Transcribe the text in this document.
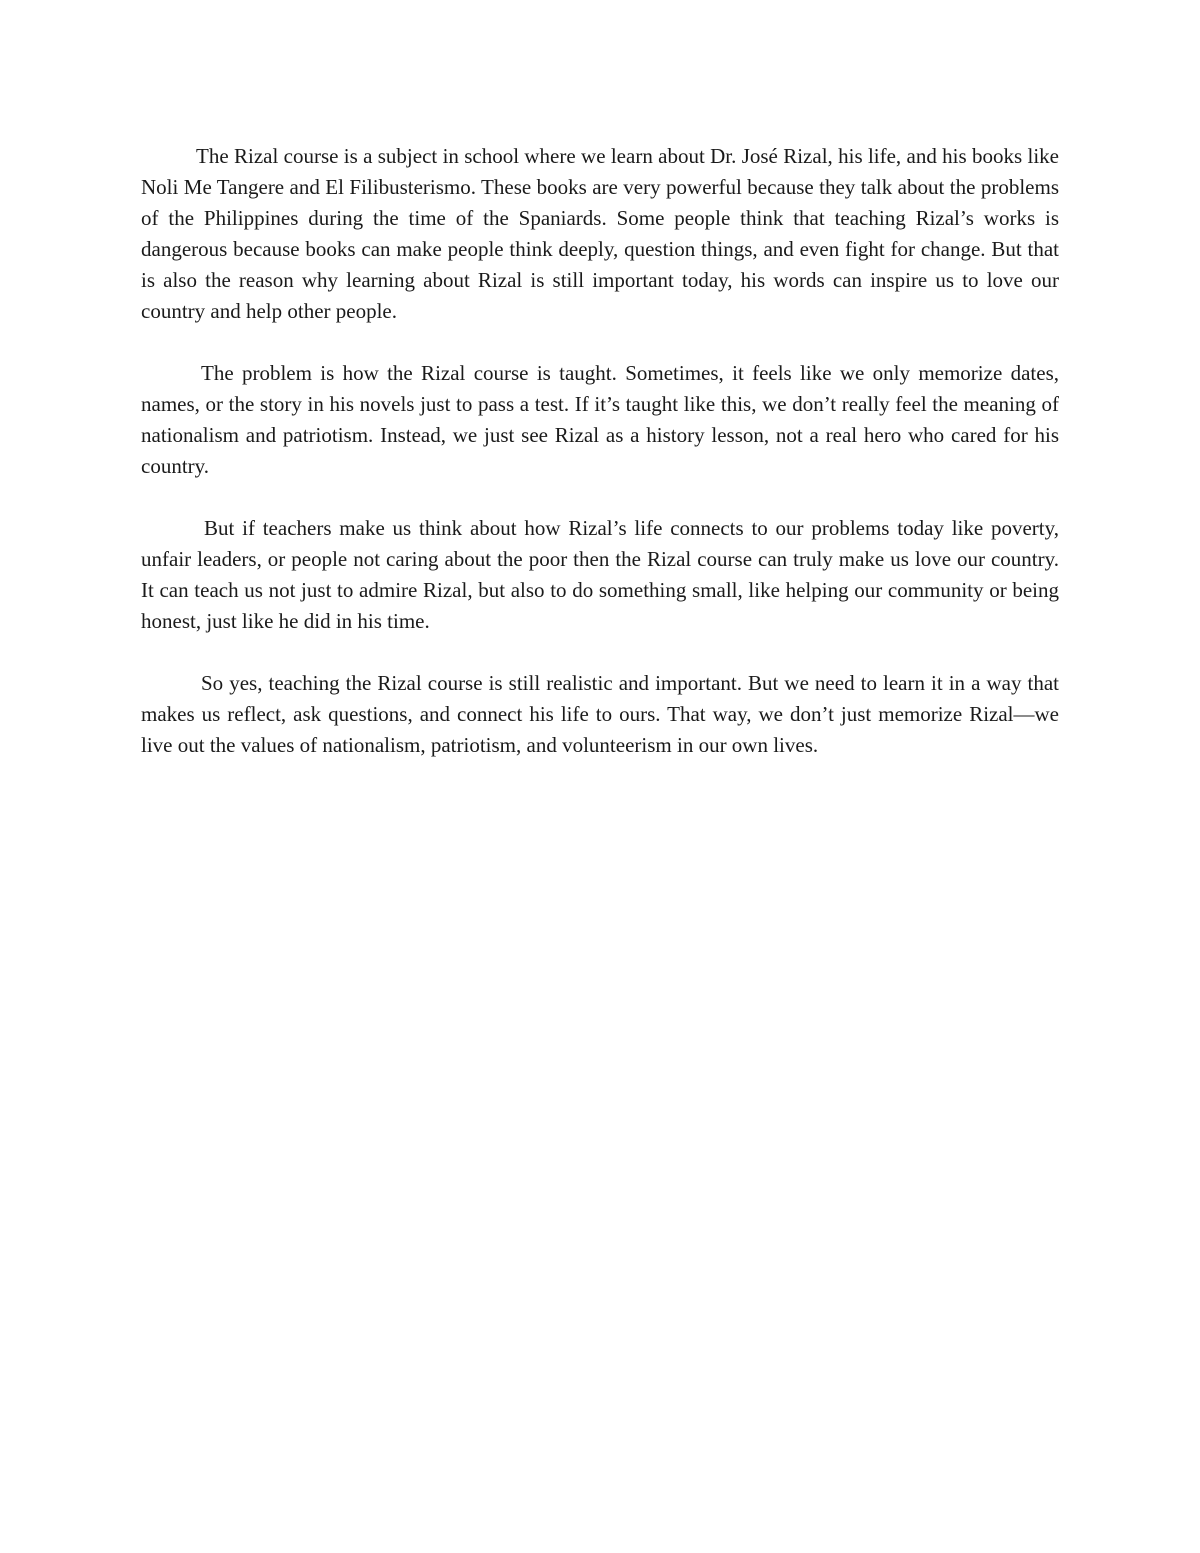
The Rizal course is a subject in school where we learn about Dr. José Rizal, his life, and his books like Noli Me Tangere and El Filibusterismo. These books are very powerful because they talk about the problems of the Philippines during the time of the Spaniards. Some people think that teaching Rizal’s works is dangerous because books can make people think deeply, question things, and even fight for change. But that is also the reason why learning about Rizal is still important today, his words can inspire us to love our country and help other people.

The problem is how the Rizal course is taught. Sometimes, it feels like we only memorize dates, names, or the story in his novels just to pass a test. If it’s taught like this, we don’t really feel the meaning of nationalism and patriotism. Instead, we just see Rizal as a history lesson, not a real hero who cared for his country.

But if teachers make us think about how Rizal’s life connects to our problems today like poverty, unfair leaders, or people not caring about the poor then the Rizal course can truly make us love our country. It can teach us not just to admire Rizal, but also to do something small, like helping our community or being honest, just like he did in his time.

So yes, teaching the Rizal course is still realistic and important. But we need to learn it in a way that makes us reflect, ask questions, and connect his life to ours. That way, we don’t just memorize Rizal—we live out the values of nationalism, patriotism, and volunteerism in our own lives.
